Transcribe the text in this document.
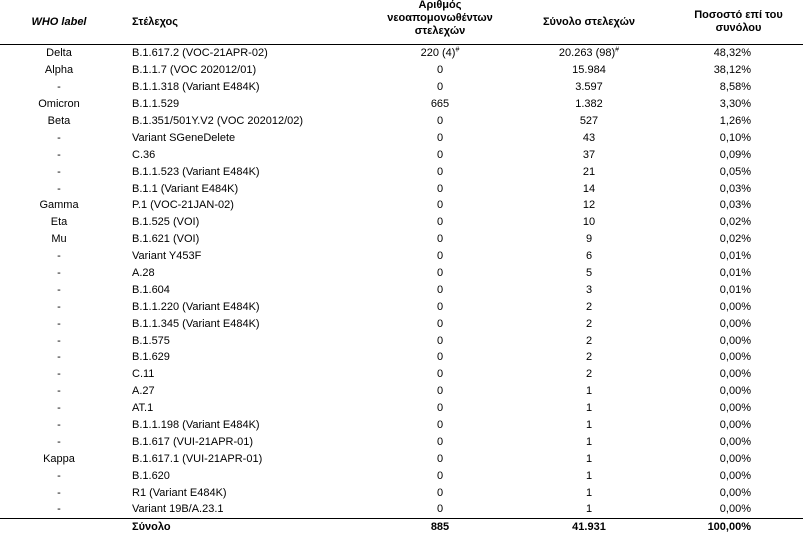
WHO label	Στέλεχος	Αριθμός νεοαπομονωθέντων στελεχών	Σύνολο στελεχών	Ποσοστό επί του συνόλου
Delta	B.1.617.2 (VOC-21APR-02)	220 (4)#	20.263 (98)#	48,32%
Alpha	B.1.1.7 (VOC 202012/01)	0	15.984	38,12%
-	B.1.1.318 (Variant E484K)	0	3.597	8,58%
Omicron	B.1.1.529	665	1.382	3,30%
Beta	B.1.351/501Y.V2 (VOC 202012/02)	0	527	1,26%
-	Variant SGeneDelete	0	43	0,10%
-	C.36	0	37	0,09%
-	B.1.1.523 (Variant E484K)	0	21	0,05%
-	B.1.1 (Variant E484K)	0	14	0,03%
Gamma	P.1 (VOC-21JAN-02)	0	12	0,03%
Eta	B.1.525 (VOI)	0	10	0,02%
Mu	B.1.621 (VOI)	0	9	0,02%
-	Variant Y453F	0	6	0,01%
-	A.28	0	5	0,01%
-	B.1.604	0	3	0,01%
-	B.1.1.220 (Variant E484K)	0	2	0,00%
-	B.1.1.345 (Variant E484K)	0	2	0,00%
-	B.1.575	0	2	0,00%
-	B.1.629	0	2	0,00%
-	C.11	0	2	0,00%
-	A.27	0	1	0,00%
-	AT.1	0	1	0,00%
-	B.1.1.198 (Variant E484K)	0	1	0,00%
-	B.1.617 (VUI-21APR-01)	0	1	0,00%
Kappa	B.1.617.1 (VUI-21APR-01)	0	1	0,00%
-	B.1.620	0	1	0,00%
-	R1 (Variant E484K)	0	1	0,00%
-	Variant 19B/A.23.1	0	1	0,00%
	Σύνολο	885	41.931	100,00%
